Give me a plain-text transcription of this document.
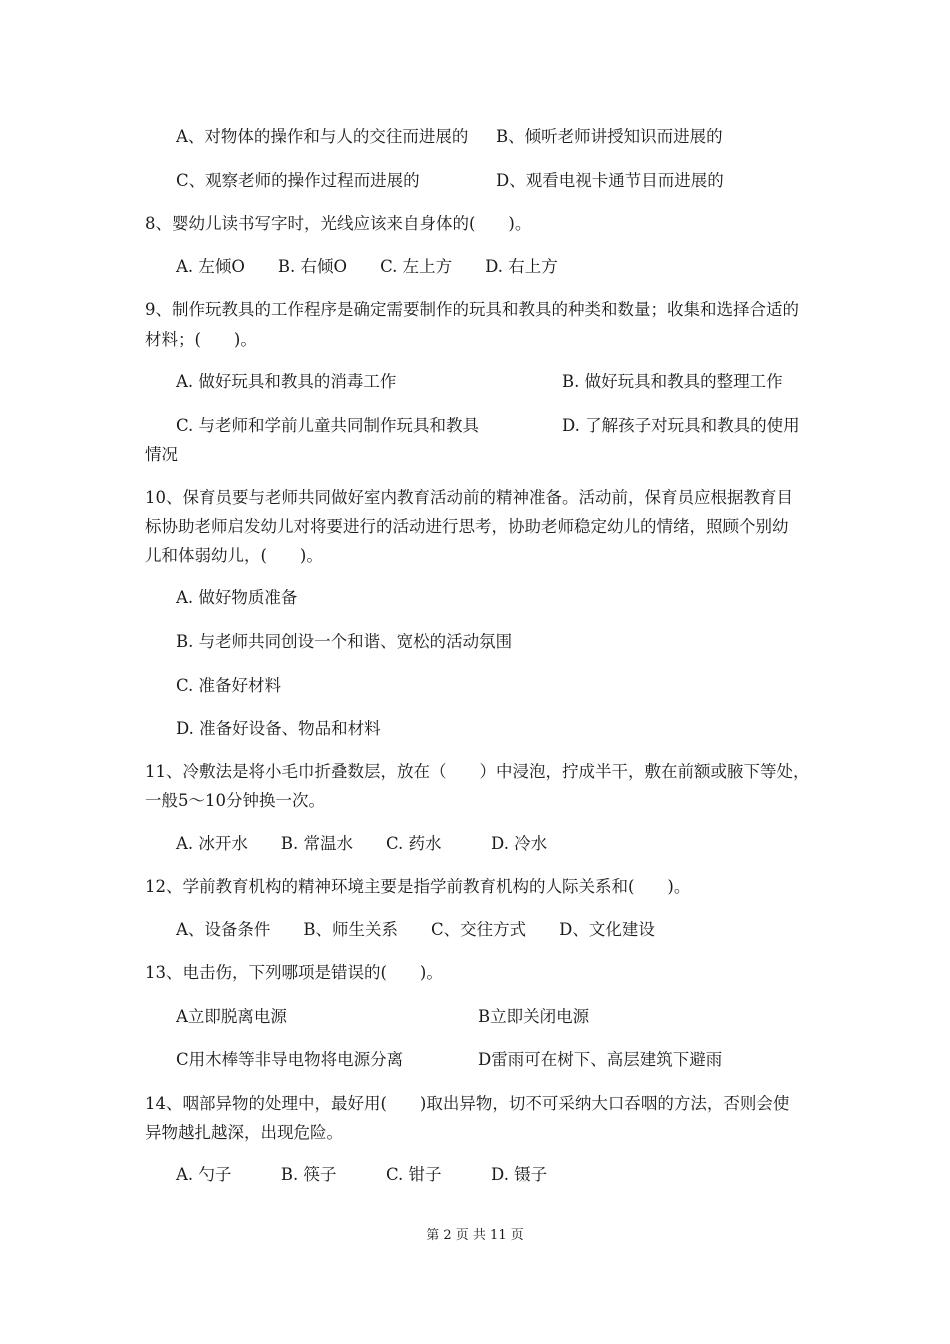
A、对物体的操作和与人的交往而进展的 B、倾听老师讲授知识而进展的
C、观察老师的操作过程而进展的	D、观看电视卡通节目而进展的
8、婴幼儿读书写字时，光线应该来自身体的(　　)。
A. 左倾O　　B. 右倾O　　C. 左上方　　D. 右上方
9、制作玩教具的工作程序是确定需要制作的玩具和教具的种类和数量；收集和选择合适的
材料；(　　)。
A. 做好玩具和教具的消毒工作	B. 做好玩具和教具的整理工作
C. 与老师和学前儿童共同制作玩具和教具	D. 了解孩子对玩具和教具的使用
情况
10、保育员要与老师共同做好室内教育活动前的精神准备。活动前，保育员应根据教育目
标协助老师启发幼儿对将要进行的活动进行思考，协助老师稳定幼儿的情绪，照顾个别幼
儿和体弱幼儿，(　　)。
A. 做好物质准备
B. 与老师共同创设一个和谐、宽松的活动氛围
C. 准备好材料
D. 准备好设备、物品和材料
11、冷敷法是将小毛巾折叠数层，放在（　　）中浸泡，拧成半干，敷在前额或腋下等处，
一般5～10分钟换一次。
A. 冰开水　　B. 常温水　　C. 药水　　　D. 冷水
12、学前教育机构的精神环境主要是指学前教育机构的人际关系和(　　)。
A、设备条件　　B、师生关系　　C、交往方式　　D、文化建设
13、电击伤，下列哪项是错误的(　　)。
A立即脱离电源	B立即关闭电源
C用木棒等非导电物将电源分离	D雷雨可在树下、高层建筑下避雨
14、咽部异物的处理中，最好用(　　)取出异物，切不可采纳大口吞咽的方法，否则会使
异物越扎越深，出现危险。
A. 勺子　　　B. 筷子　　　C. 钳子　　　D. 镊子
第 2 页 共 11 页
